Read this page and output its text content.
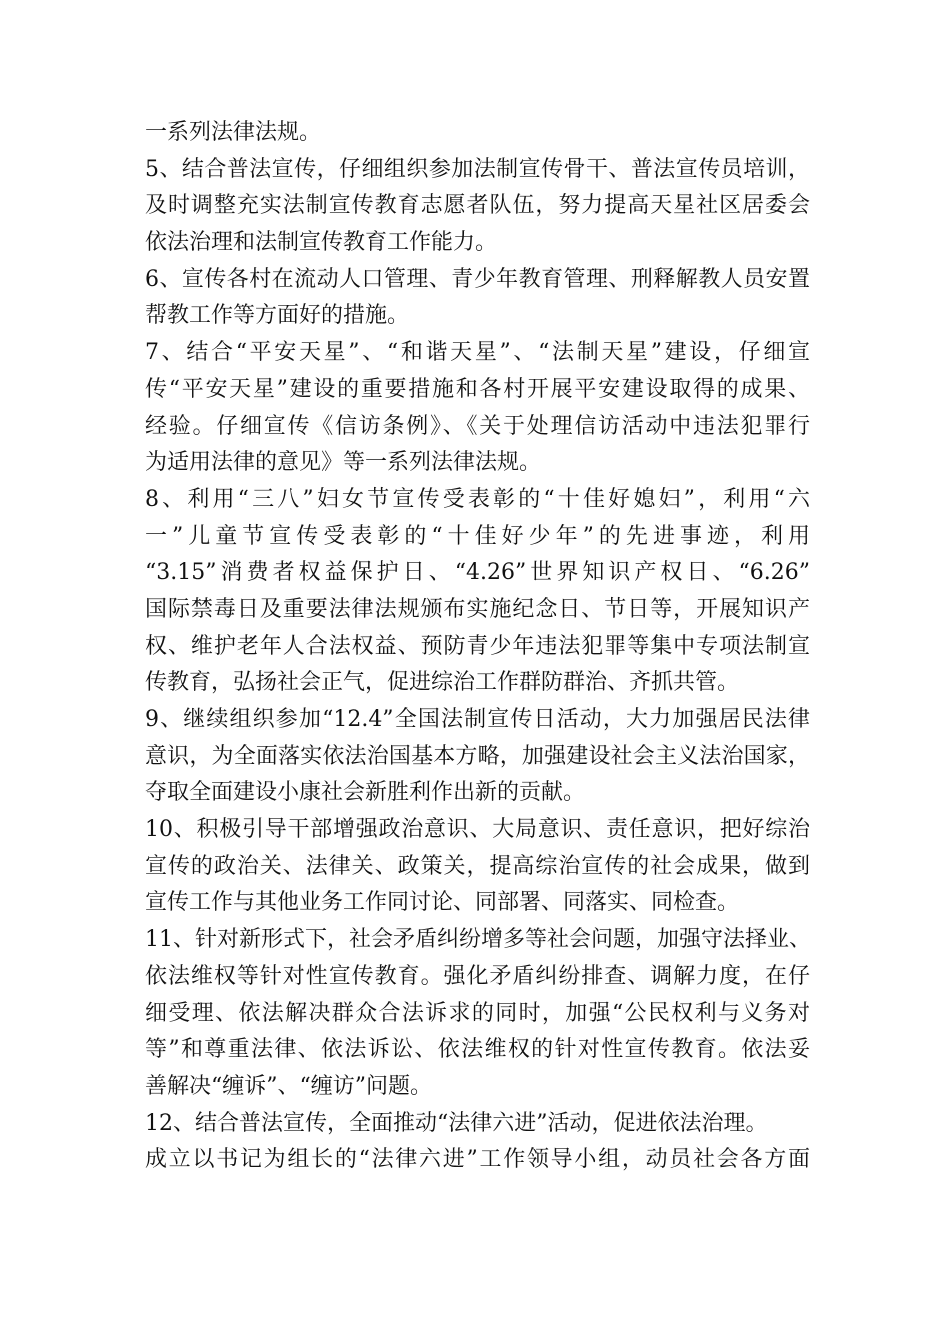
一系列法律法规。
5、结合普法宣传，仔细组织参加法制宣传骨干、普法宣传员培训，
及时调整充实法制宣传教育志愿者队伍，努力提高天星社区居委会
依法治理和法制宣传教育工作能力。
6、宣传各村在流动人口管理、青少年教育管理、刑释解教人员安置
帮教工作等方面好的措施。
7、结合“平安天星”、“和谐天星”、“法制天星”建设，仔细宣
传“平安天星”建设的重要措施和各村开展平安建设取得的成果、
经验。仔细宣传《信访条例》、《关于处理信访活动中违法犯罪行
为适用法律的意见》等一系列法律法规。
8、利用“三八”妇女节宣传受表彰的“十佳好媳妇”，利用“六
一”儿童节宣传受表彰的“十佳好少年”的先进事迹，利用
“3.15”消费者权益保护日、“4.26”世界知识产权日、“6.26”
国际禁毒日及重要法律法规颁布实施纪念日、节日等，开展知识产
权、维护老年人合法权益、预防青少年违法犯罪等集中专项法制宣
传教育，弘扬社会正气，促进综治工作群防群治、齐抓共管。
9、继续组织参加“12.4”全国法制宣传日活动，大力加强居民法律
意识，为全面落实依法治国基本方略，加强建设社会主义法治国家，
夺取全面建设小康社会新胜利作出新的贡献。
10、积极引导干部增强政治意识、大局意识、责任意识，把好综治
宣传的政治关、法律关、政策关，提高综治宣传的社会成果，做到
宣传工作与其他业务工作同讨论、同部署、同落实、同检查。
11、针对新形式下，社会矛盾纠纷增多等社会问题，加强守法择业、
依法维权等针对性宣传教育。强化矛盾纠纷排查、调解力度，在仔
细受理、依法解决群众合法诉求的同时，加强“公民权利与义务对
等”和尊重法律、依法诉讼、依法维权的针对性宣传教育。依法妥
善解决“缠诉”、“缠访”问题。
12、结合普法宣传，全面推动“法律六进”活动，促进依法治理。
成立以书记为组长的“法律六进”工作领导小组，动员社会各方面
